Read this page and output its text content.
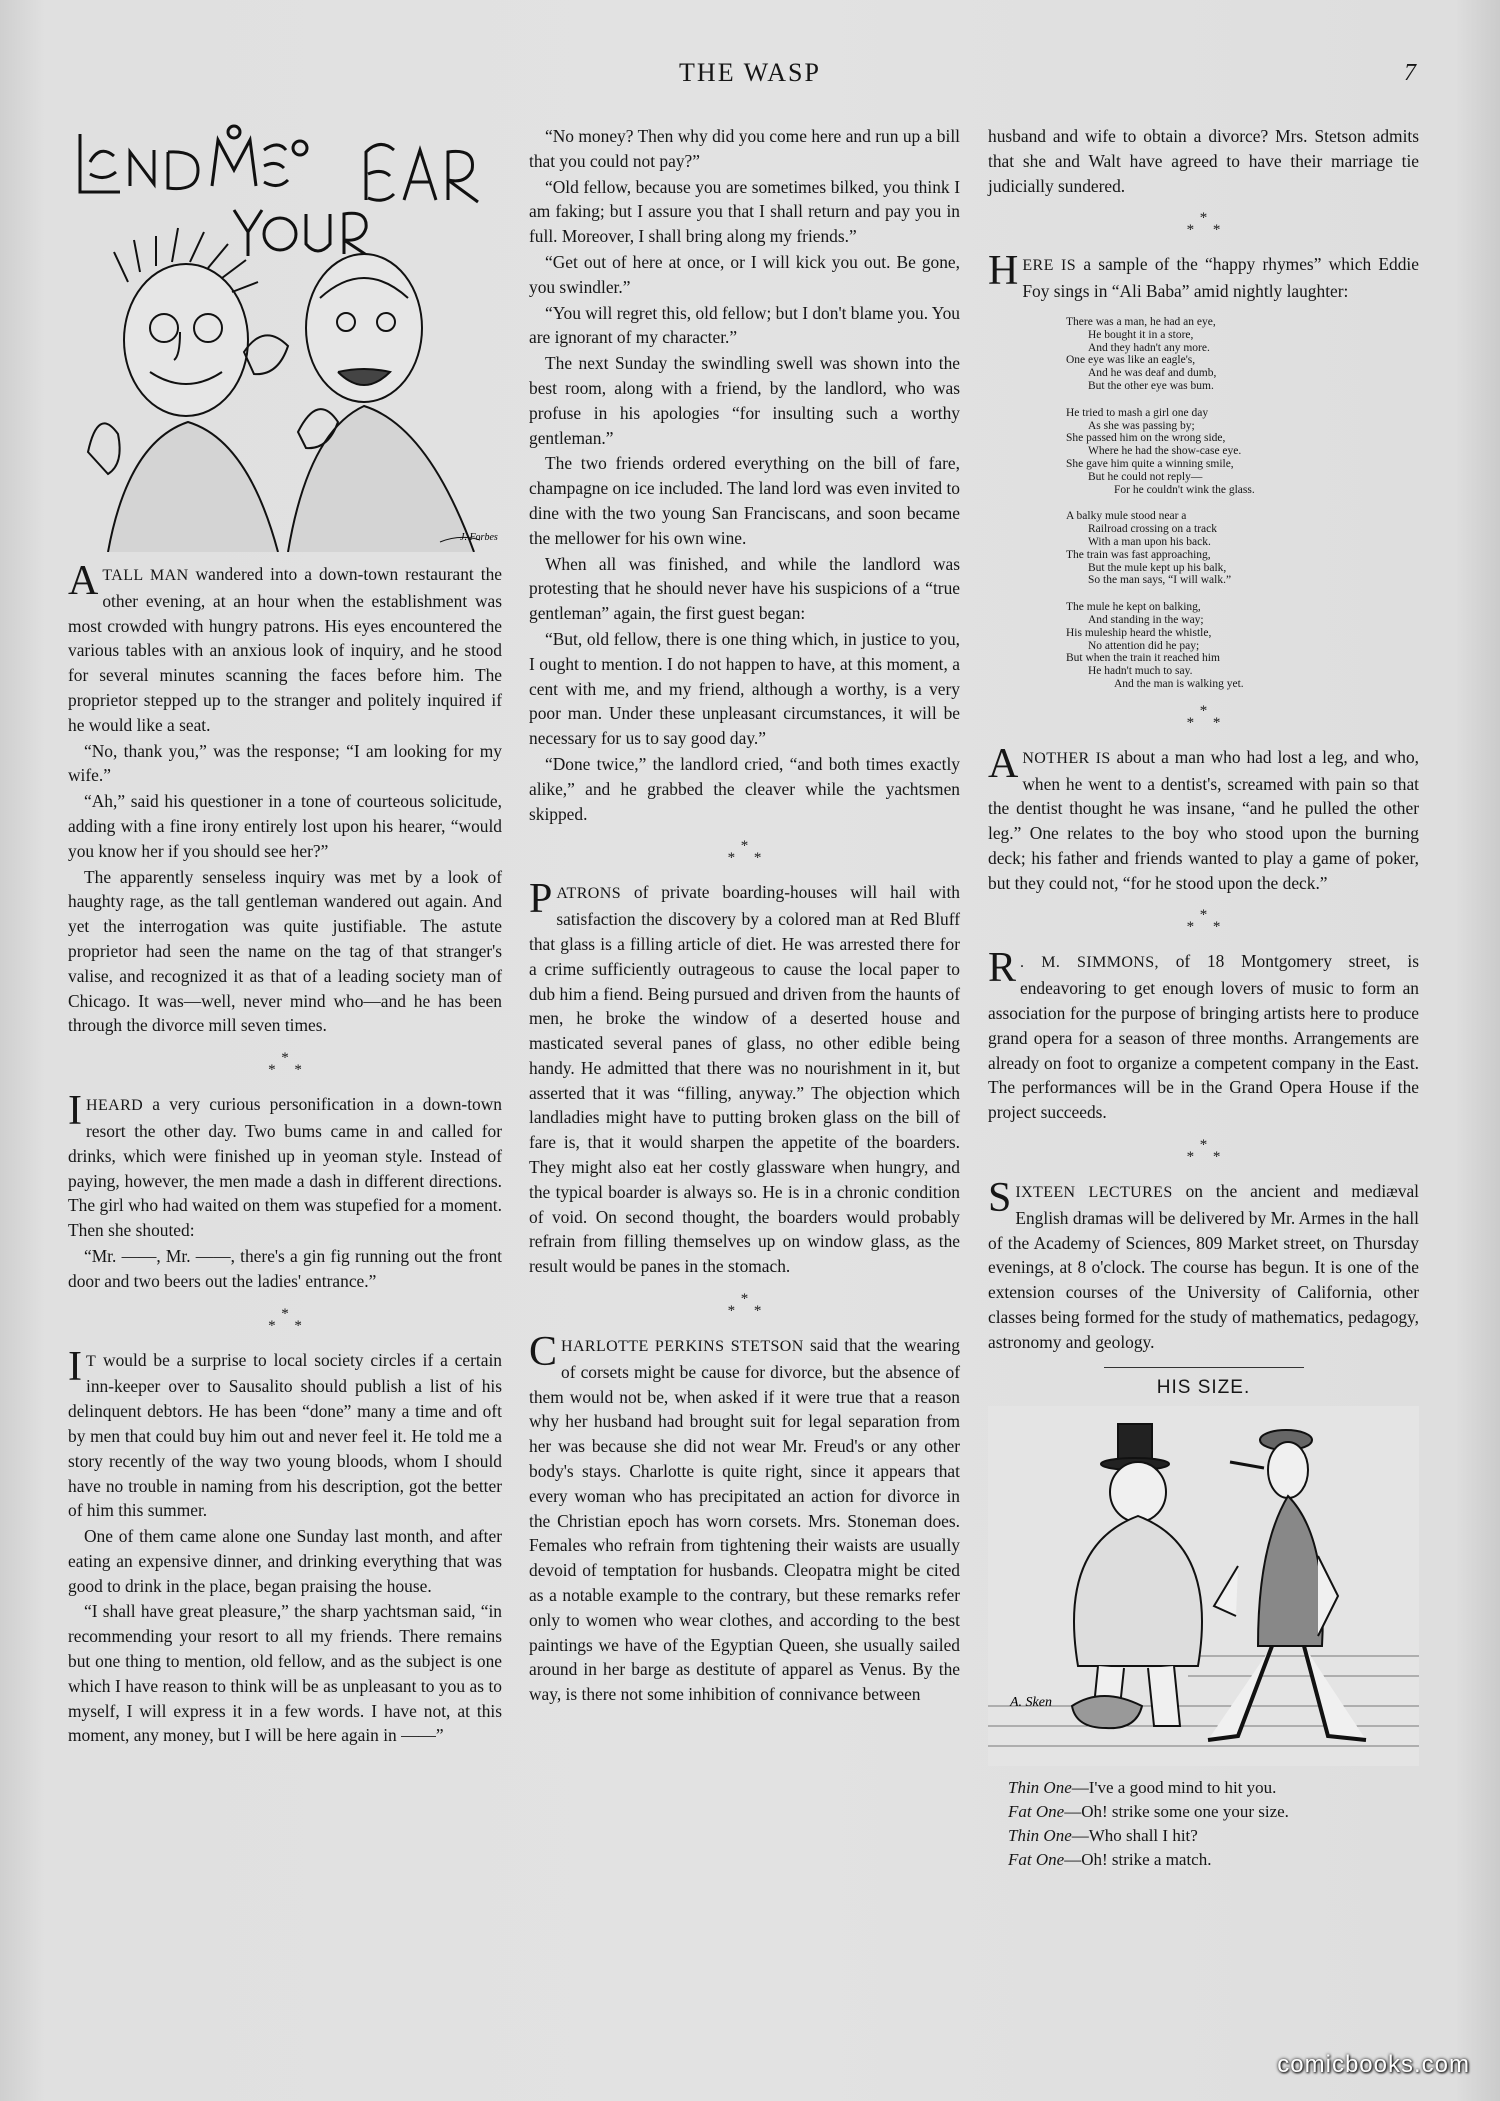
THE WASP	7
J. Forbes

ATALL MAN wandered into a down-town restaurant the other evening, at an hour when the establishment was most crowded with hungry patrons. His eyes encountered the various tables with an anxious look of inquiry, and he stood for several minutes scanning the faces before him. The proprietor stepped up to the stranger and politely inquired if he would like a seat.

“No, thank you,” was the response; “I am looking for my wife.”

“Ah,” said his questioner in a tone of courteous solicitude, adding with a fine irony entirely lost upon his hearer, “would you know her if you should see her?”

The apparently senseless inquiry was met by a look of haughty rage, as the tall gentleman wandered out again. And yet the interrogation was quite justifiable. The astute proprietor had seen the name on the tag of that stranger's valise, and recognized it as that of a leading society man of Chicago. It was—well, never mind who—and he has been through the divorce mill seven times.

*
*     *

IHEARD a very curious personification in a down-town resort the other day. Two bums came in and called for drinks, which were finished up in yeoman style. Instead of paying, however, the men made a dash in different directions. The girl who had waited on them was stupefied for a moment. Then she shouted:

“Mr. ——, Mr. ——, there's a gin fig running out the front door and two beers out the ladies' entrance.”

*
*     *

I T would be a surprise to local society circles if a certain inn-keeper over to Sausalito should publish a list of his delinquent debtors. He has been “done” many a time and oft by men that could buy him out and never feel it. He told me a story recently of the way two young bloods, whom I should have no trouble in naming from his description, got the better of him this summer.

One of them came alone one Sunday last month, and after eating an expensive dinner, and drinking everything that was good to drink in the place, began praising the house.

“I shall have great pleasure,” the sharp yachtsman said, “in recommending your resort to all my friends. There remains but one thing to mention, old fellow, and as the subject is one which I have reason to think will be as unpleasant to you as to myself, I will express it in a few words. I have not, at this moment, any money, but I will be here again in ——”

“No money? Then why did you come here and run up a bill that you could not pay?”

“Old fellow, because you are sometimes bilked, you think I am faking; but I assure you that I shall return and pay you in full. Moreover, I shall bring along my friends.”

“Get out of here at once, or I will kick you out. Be gone, you swindler.”

“You will regret this, old fellow; but I don't blame you. You are ignorant of my character.”

The next Sunday the swindling swell was shown into the best room, along with a friend, by the landlord, who was profuse in his apologies “for insulting such a worthy gentleman.”

The two friends ordered everything on the bill of fare, champagne on ice included. The land lord was even invited to dine with the two young San Franciscans, and soon became the mellower for his own wine.

When all was finished, and while the landlord was protesting that he should never have his suspicions of a “true gentleman” again, the first guest began:

“But, old fellow, there is one thing which, in justice to you, I ought to mention. I do not happen to have, at this moment, a cent with me, and my friend, although a worthy, is a very poor man. Under these unpleasant circumstances, it will be necessary for us to say good day.”

“Done twice,” the landlord cried, “and both times exactly alike,” and he grabbed the cleaver while the yachtsmen skipped.

*
*     *

PATRONS of private boarding-houses will hail with satisfaction the discovery by a colored man at Red Bluff that glass is a filling article of diet. He was arrested there for a crime sufficiently outrageous to cause the local paper to dub him a fiend. Being pursued and driven from the haunts of men, he broke the window of a deserted house and masticated several panes of glass, no other edible being handy. He admitted that there was no nourishment in it, but asserted that it was “filling, anyway.” The objection which landladies might have to putting broken glass on the bill of fare is, that it would sharpen the appetite of the boarders. They might also eat her costly glassware when hungry, and the typical boarder is always so. He is in a chronic condition of void. On second thought, the boarders would probably refrain from filling themselves up on window glass, as the result would be panes in the stomach.

*
*     *

CHARLOTTE PERKINS STETSON said that the wearing of corsets might be cause for divorce, but the absence of them would not be, when asked if it were true that a reason why her husband had brought suit for legal separation from her was because she did not wear Mr. Freud's or any other body's stays. Charlotte is quite right, since it appears that every woman who has precipitated an action for divorce in the Christian epoch has worn corsets. Mrs. Stoneman does. Females who refrain from tightening their waists are usually devoid of temptation for husbands. Cleopatra might be cited as a notable example to the contrary, but these remarks refer only to women who wear clothes, and according to the best paintings we have of the Egyptian Queen, she usually sailed around in her barge as destitute of apparel as Venus. By the way, is there not some inhibition of connivance between

husband and wife to obtain a divorce? Mrs. Stetson admits that she and Walt have agreed to have their marriage tie judicially sundered.

*
*     *

HERE IS a sample of the “happy rhymes” which Eddie Foy sings in “Ali Baba” amid nightly laughter:

There was a man, he had an eye,
He bought it in a store,
And they hadn't any more.
One eye was like an eagle's,
And he was deaf and dumb,
But the other eye was bum.
He tried to mash a girl one day
As she was passing by;
She passed him on the wrong side,
Where he had the show-case eye.
She gave him quite a winning smile,
But he could not reply—
For he couldn't wink the glass.
A balky mule stood near a
Railroad crossing on a track
With a man upon his back.
The train was fast approaching,
But the mule kept up his balk,
So the man says, “I will walk.”
The mule he kept on balking,
And standing in the way;
His muleship heard the whistle,
No attention did he pay;
But when the train it reached him
He hadn't much to say.
And the man is walking yet.
*
*     *

ANOTHER IS about a man who had lost a leg, and who, when he went to a dentist's, screamed with pain so that the dentist thought he was insane, “and he pulled the other leg.” One relates to the boy who stood upon the burning deck; his father and friends wanted to play a game of poker, but they could not, “for he stood upon the deck.”

*
*     *

R . M. SIMMONS, of 18 Montgomery street, is endeavoring to get enough lovers of music to form an association for the purpose of bringing artists here to produce grand opera for a season of three months. Arrangements are already on foot to organize a competent company in the East. The performances will be in the Grand Opera House if the project succeeds.

*
*     *

SIXTEEN LECTURES on the ancient and mediæval English dramas will be delivered by Mr. Armes in the hall of the Academy of Sciences, 809 Market street, on Thursday evenings, at 8 o'clock. The course has begun. It is one of the extension courses of the University of California, other classes being formed for the study of mathematics, pedagogy, astronomy and geology.

HIS SIZE.
A. Sken
Thin One—I've a good mind to hit you.
Fat One—Oh! strike some one your size.
Thin One—Who shall I hit?
Fat One—Oh! strike a match.
comicbooks.com
